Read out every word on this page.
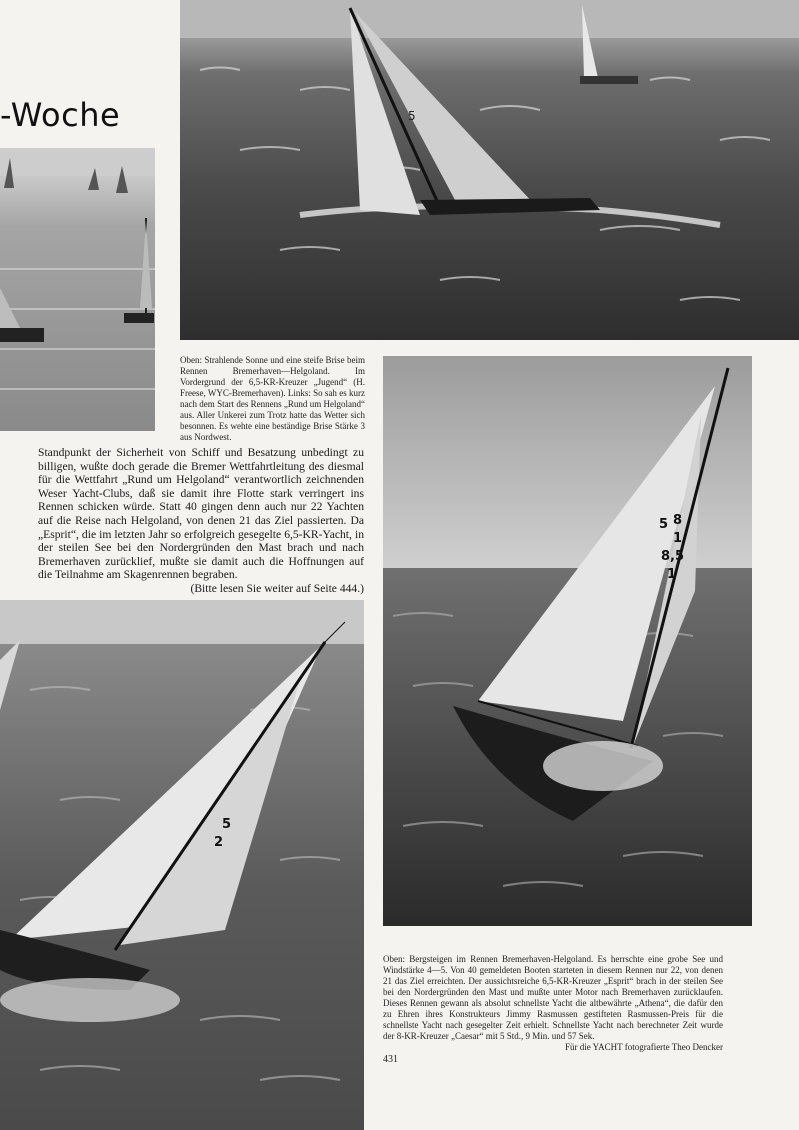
5
-Woche
Oben: Strahlende Sonne und eine steife Brise beim Rennen Bremerhaven—Helgoland. Im Vordergrund der 6,5-KR-Kreuzer „Jugend“ (H. Freese, WYC-Bremerhaven). Links: So sah es kurz nach dem Start des Rennens „Rund um Helgoland“ aus. Aller Unkerei zum Trotz hatte das Wetter sich besonnen. Es wehte eine beständige Brise Stärke 3 aus Nordwest.
8
5
1
8,5
1
Standpunkt der Sicherheit von Schiff und Besatzung unbedingt zu billigen, wußte doch gerade die Bremer Wettfahrtleitung des diesmal für die Wettfahrt „Rund um Helgoland“ verantwortlich zeichnenden Weser Yacht-Clubs, daß sie damit ihre Flotte stark verringert ins Rennen schicken würde. Statt 40 gingen denn auch nur 22 Yachten auf die Reise nach Helgoland, von denen 21 das Ziel passierten. Da „Esprit“, die im letzten Jahr so erfolgreich gesegelte 6,5-KR-Yacht, in der steilen See bei den Nordergründen den Mast brach und nach Bremerhaven zurücklief, mußte sie damit auch die Hoffnungen auf die Teilnahme am Skagenrennen begraben.
(Bitte lesen Sie weiter auf Seite 444.)
5
2
Oben: Bergsteigen im Rennen Bremerhaven-Helgoland. Es herrschte eine grobe See und Windstärke 4—5. Von 40 gemeldeten Booten starteten in diesem Rennen nur 22, von denen 21 das Ziel erreichten. Der aussichtsreiche 6,5-KR-Kreuzer „Esprit“ brach in der steilen See bei den Nordergründen den Mast und mußte unter Motor nach Bremerhaven zurücklaufen. Dieses Rennen gewann als absolut schnellste Yacht die altbewährte „Athena“, die dafür den zu Ehren ihres Konstrukteurs Jimmy Rasmussen gestifteten Rasmussen-Preis für die schnellste Yacht nach gesegelter Zeit erhielt. Schnellste Yacht nach berechneter Zeit wurde der 8-KR-Kreuzer „Caesar“ mit 5 Std., 9 Min. und 57 Sek.
Für die YACHT fotografierte Theo Dencker
431
